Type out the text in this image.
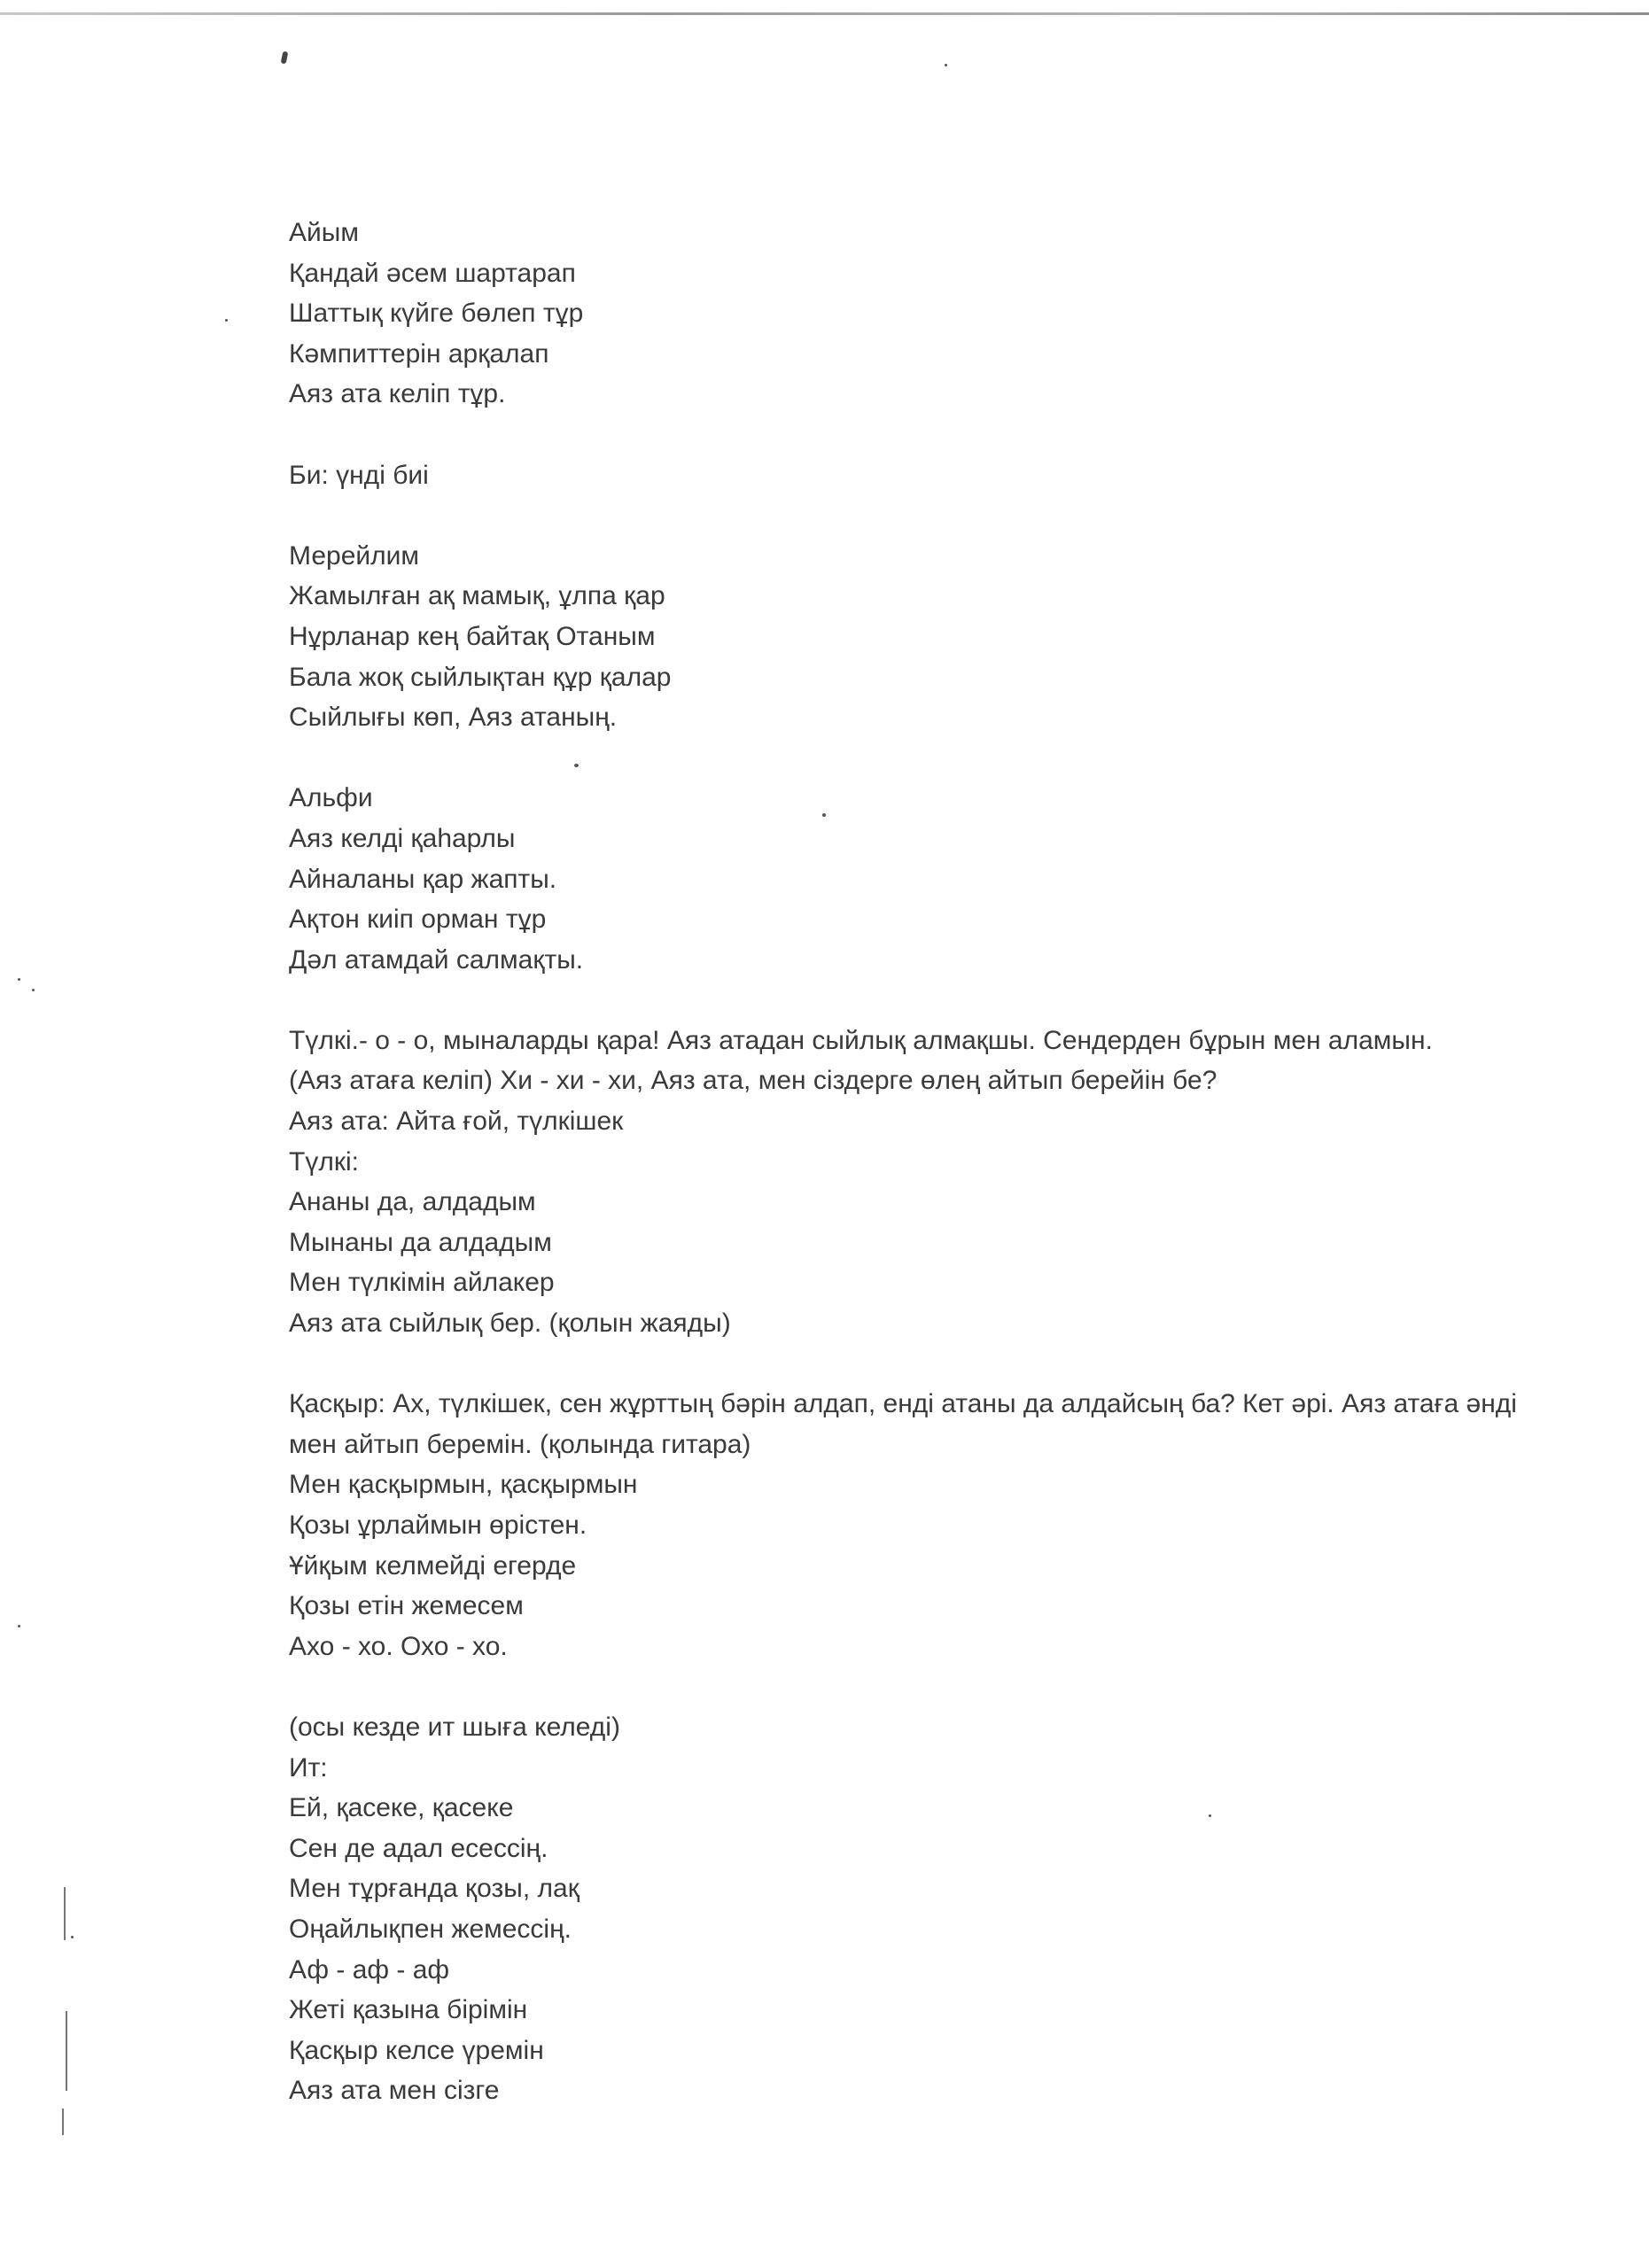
Айым
Қандай әсем шартарап
Шаттық күйге бөлеп тұр
Кәмпиттерін арқалап
Аяз ата келіп тұр.
Би: үнді биі
Мерейлим
Жамылған ақ мамық, ұлпа қар
Нұрланар кең байтақ Отаным
Бала жоқ сыйлықтан құр қалар
Сыйлығы көп, Аяз атаның.
Альфи
Аяз келді қаһарлы
Айналаны қар жапты.
Ақтон киіп орман тұр
Дәл атамдай салмақты.
Түлкі.- о - о, мыналарды қара! Аяз атадан сыйлық алмақшы. Сендерден бұрын мен аламын.
(Аяз атаға келіп) Хи - хи - хи, Аяз ата, мен сіздерге өлең айтып берейін бе?
Аяз ата: Айта ғой, түлкішек
Түлкі:
Ананы да, алдадым
Мынаны да алдадым
Мен түлкімін айлакер
Аяз ата сыйлық бер. (қолын жаяды)
Қасқыр: Ах, түлкішек, сен жұрттың бәрін алдап, енді атаны да алдайсың ба? Кет әрі. Аяз атаға әнді мен айтып беремін. (қолында гитара)
Мен қасқырмын, қасқырмын
Қозы ұрлаймын өрістен.
Ұйқым келмейді егерде
Қозы етін жемесем
Ахо - хо. Охо - хо.
(осы кезде ит шыға келеді)
Ит:
Ей, қасеке, қасеке
Сен де адал есессің.
Мен тұрғанда қозы, лақ
Оңайлықпен жемессің.
Аф - аф - аф
Жеті қазына бірімін
Қасқыр келсе үремін
Аяз ата мен сізге
